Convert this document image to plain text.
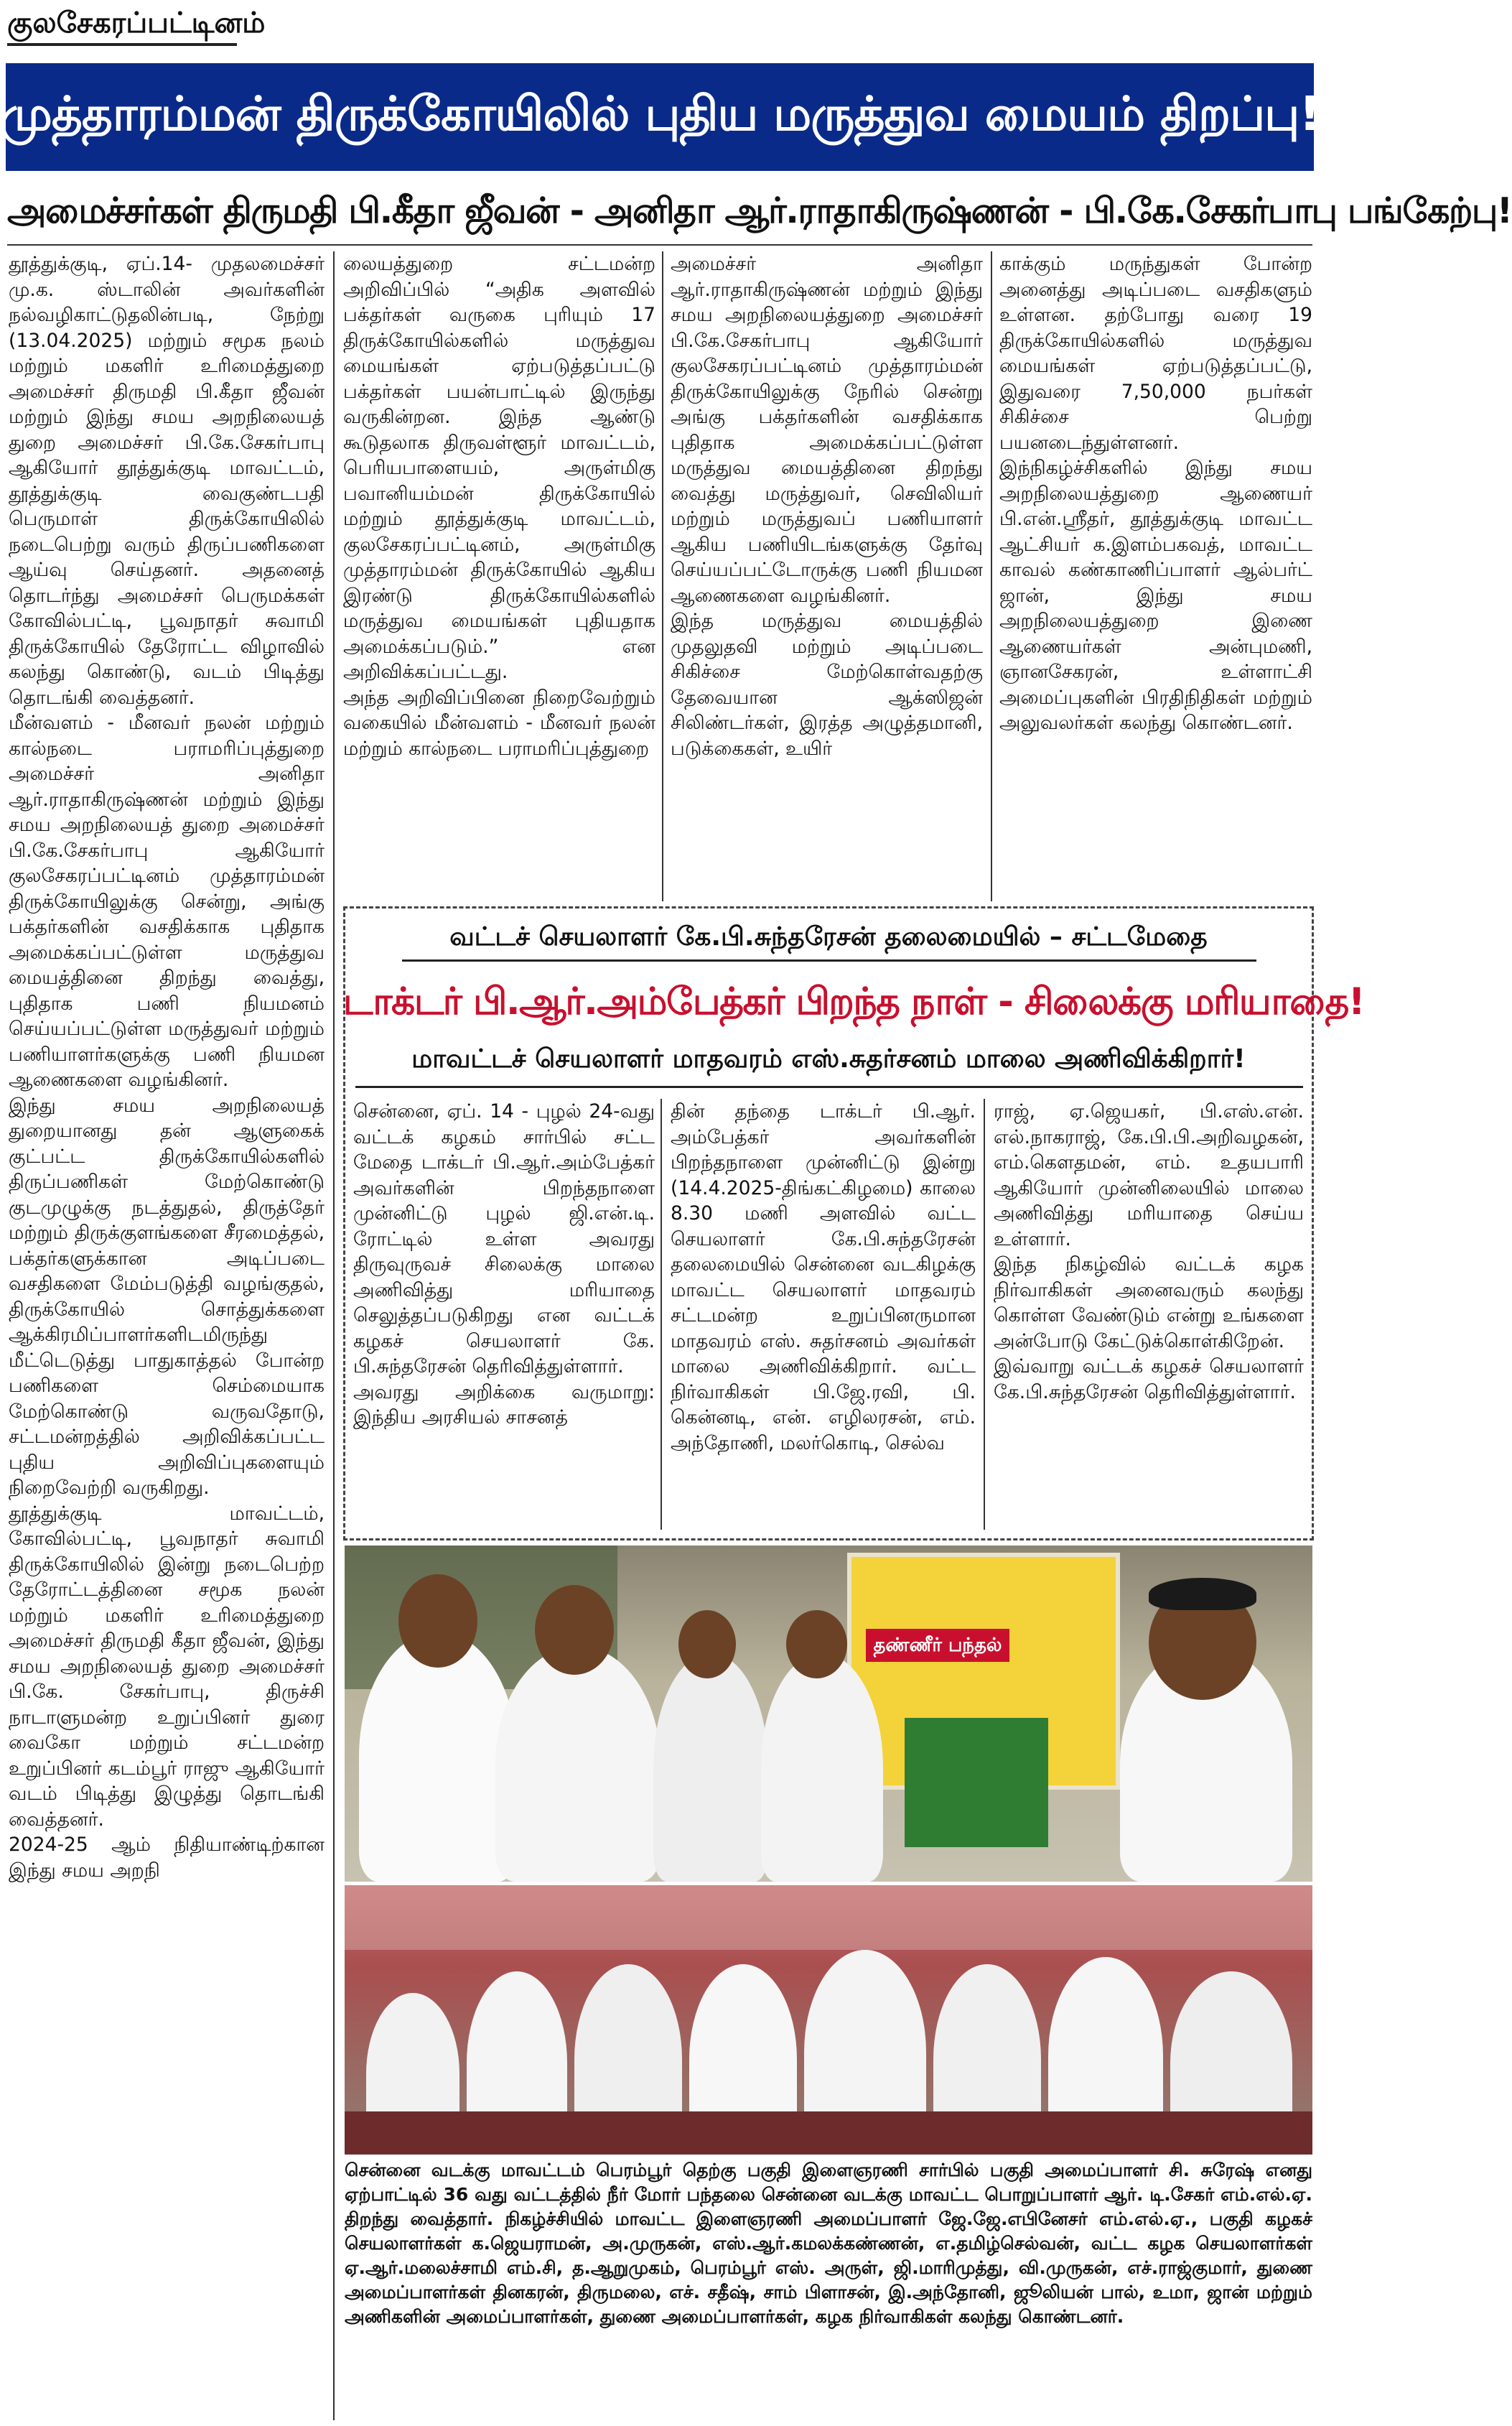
குலசேகரப்பட்டினம்
முத்தாரம்மன் திருக்கோயிலில் புதிய மருத்துவ மையம் திறப்பு!
அமைச்சர்கள் திருமதி பி.கீதா ஜீவன் - அனிதா ஆர்.ராதாகிருஷ்ணன் - பி.கே.சேகர்பாபு பங்கேற்பு!
தூத்துக்குடி, ஏப்.14- முதலமைச்சர் மு.க. ஸ்டாலின் அவர்களின் நல்வழிகாட்டுதலின்படி, நேற்று (13.04.2025) மற்றும் சமூக நலம் மற்றும் மகளிர் உரிமைத்துறை அமைச்சர் திருமதி பி.கீதா ஜீவன் மற்றும் இந்து சமய அறநிலையத் துறை அமைச்சர் பி.கே.சேகர்பாபு ஆகியோர் தூத்துக்குடி மாவட்டம், தூத்துக்குடி வைகுண்டபதி பெருமாள் திருக்கோயிலில் நடைபெற்று வரும் திருப்பணிகளை ஆய்வு செய்தனர். அதனைத் தொடர்ந்து அமைச்சர் பெருமக்கள் கோவில்பட்டி, பூவநாதர் சுவாமி திருக்கோயில் தேரோட்ட விழாவில் கலந்து கொண்டு, வடம் பிடித்து தொடங்கி வைத்தனர்.
மீன்வளம் - மீனவர் நலன் மற்றும் கால்நடை பராமரிப்புத்துறை அமைச்சர் அனிதா ஆர்.ராதாகிருஷ்ணன் மற்றும் இந்து சமய அறநிலையத் துறை அமைச்சர் பி.கே.சேகர்பாபு ஆகியோர் குலசேகரப்பட்டினம் முத்தாரம்மன் திருக்கோயிலுக்கு சென்று, அங்கு பக்தர்களின் வசதிக்காக புதிதாக அமைக்கப்பட்டுள்ள மருத்துவ மையத்தினை திறந்து வைத்து, புதிதாக பணி நியமனம் செய்யப்பட்டுள்ள மருத்துவர் மற்றும் பணியாளர்களுக்கு பணி நியமன ஆணைகளை வழங்கினர்.
இந்து சமய அறநிலையத் துறையானது தன் ஆளுகைக் குட்பட்ட திருக்கோயில்களில் திருப்பணிகள் மேற்கொண்டு குடமுழுக்கு நடத்துதல், திருத்தேர் மற்றும் திருக்குளங்களை சீரமைத்தல், பக்தர்களுக்கான அடிப்படை வசதிகளை மேம்படுத்தி வழங்குதல், திருக்கோயில் சொத்துக்களை ஆக்கிரமிப்பாளர்களிடமிருந்து மீட்டெடுத்து பாதுகாத்தல் போன்ற பணிகளை செம்மையாக மேற்கொண்டு வருவதோடு, சட்டமன்றத்தில் அறிவிக்கப்பட்ட புதிய அறிவிப்புகளையும் நிறைவேற்றி வருகிறது.
தூத்துக்குடி மாவட்டம், கோவில்பட்டி, பூவநாதர் சுவாமி திருக்கோயிலில் இன்று நடைபெற்ற தேரோட்டத்தினை சமூக நலன் மற்றும் மகளிர் உரிமைத்துறை அமைச்சர் திருமதி கீதா ஜீவன், இந்து சமய அறநிலையத் துறை அமைச்சர் பி.கே. சேகர்பாபு, திருச்சி நாடாளுமன்ற உறுப்பினர் துரை வைகோ மற்றும் சட்டமன்ற உறுப்பினர் கடம்பூர் ராஜு ஆகியோர் வடம் பிடித்து இழுத்து தொடங்கி வைத்தனர்.
2024-25 ஆம் நிதியாண்டிற்கான இந்து சமய அறநி
லையத்துறை சட்டமன்ற அறிவிப்பில் “அதிக அளவில் பக்தர்கள் வருகை புரியும் 17 திருக்கோயில்களில் மருத்துவ மையங்கள் ஏற்படுத்தப்பட்டு பக்தர்கள் பயன்பாட்டில் இருந்து வருகின்றன. இந்த ஆண்டு கூடுதலாக திருவள்ளூர் மாவட்டம், பெரியபாளையம், அருள்மிகு பவானியம்மன் திருக்கோயில் மற்றும் தூத்துக்குடி மாவட்டம், குலசேகரப்பட்டினம், அருள்மிகு முத்தாரம்மன் திருக்கோயில் ஆகிய இரண்டு திருக்கோயில்களில் மருத்துவ மையங்கள் புதியதாக அமைக்கப்படும்.” என அறிவிக்கப்பட்டது.
அந்த அறிவிப்பினை நிறைவேற்றும் வகையில் மீன்வளம் - மீனவர் நலன் மற்றும் கால்நடை பராமரிப்புத்துறை
அமைச்சர் அனிதா ஆர்.ராதாகிருஷ்ணன் மற்றும் இந்து சமய அறநிலையத்துறை அமைச்சர் பி.கே.சேகர்பாபு ஆகியோர் குலசேகரப்பட்டினம் முத்தாரம்மன் திருக்கோயிலுக்கு நேரில் சென்று அங்கு பக்தர்களின் வசதிக்காக புதிதாக அமைக்கப்பட்டுள்ள மருத்துவ மையத்தினை திறந்து வைத்து மருத்துவர், செவிலியர் மற்றும் மருத்துவப் பணியாளர் ஆகிய பணியிடங்களுக்கு தேர்வு செய்யப்பட்டோருக்கு பணி நியமன ஆணைகளை வழங்கினர்.
இந்த மருத்துவ மையத்தில் முதலுதவி மற்றும் அடிப்படை சிகிச்சை மேற்கொள்வதற்கு தேவையான ஆக்ஸிஜன் சிலிண்டர்கள், இரத்த அழுத்தமானி, படுக்கைகள், உயிர்
காக்கும் மருந்துகள் போன்ற அனைத்து அடிப்படை வசதிகளும் உள்ளன. தற்போது வரை 19 திருக்கோயில்களில் மருத்துவ மையங்கள் ஏற்படுத்தப்பட்டு, இதுவரை 7,50,000 நபர்கள் சிகிச்சை பெற்று பயனடைந்துள்ளனர்.
இந்நிகழ்ச்சிகளில் இந்து சமய அறநிலையத்துறை ஆணையர் பி.என்.ஸ்ரீதர், தூத்துக்குடி மாவட்ட ஆட்சியர் க.இளம்பகவத், மாவட்ட காவல் கண்காணிப்பாளர் ஆல்பர்ட் ஜான், இந்து சமய அறநிலையத்துறை இணை ஆணையர்கள் அன்புமணி, ஞானசேகரன், உள்ளாட்சி அமைப்புகளின் பிரதிநிதிகள் மற்றும் அலுவலர்கள் கலந்து கொண்டனர்.
வட்டச் செயலாளர் கே.பி.சுந்தரேசன் தலைமையில் – சட்டமேதை
டாக்டர் பி.ஆர்.அம்பேத்கர் பிறந்த நாள் - சிலைக்கு மரியாதை!
மாவட்டச் செயலாளர் மாதவரம் எஸ்.சுதர்சனம் மாலை அணிவிக்கிறார்!
சென்னை, ஏப். 14 - புழல் 24-வது வட்டக் கழகம் சார்பில் சட்ட மேதை டாக்டர் பி.ஆர்.அம்பேத்கர் அவர்களின் பிறந்தநாளை முன்னிட்டு புழல் ஜி.என்.டி. ரோட்டில் உள்ள அவரது திருவுருவச் சிலைக்கு மாலை அணிவித்து மரியாதை செலுத்தப்படுகிறது என வட்டக் கழகச் செயலாளர் கே. பி.சுந்தரேசன் தெரிவித்துள்ளார்.
அவரது அறிக்கை வருமாறு: இந்திய அரசியல் சாசனத்
தின் தந்தை டாக்டர் பி.ஆர். அம்பேத்கர் அவர்களின் பிறந்தநாளை முன்னிட்டு இன்று (14.4.2025-திங்கட்கிழமை) காலை 8.30 மணி அளவில் வட்ட செயலாளர் கே.பி.சுந்தரேசன் தலைமையில் சென்னை வடகிழக்கு மாவட்ட செயலாளர் மாதவரம் சட்டமன்ற உறுப்பினருமான மாதவரம் எஸ். சுதர்சனம் அவர்கள் மாலை அணிவிக்கிறார். வட்ட நிர்வாகிகள் பி.ஜே.ரவி, பி. கென்னடி, என். எழிலரசன், எம். அந்தோணி, மலர்கொடி, செல்வ
ராஜ், ஏ.ஜெயகர், பி.எஸ்.என். எல்.நாகராஜ், கே.பி.பி.அறிவழகன், எம்.கௌதமன், எம். உதயபாரி ஆகியோர் முன்னிலையில் மாலை அணிவித்து மரியாதை செய்ய உள்ளார்.
இந்த நிகழ்வில் வட்டக் கழக நிர்வாகிகள் அனைவரும் கலந்து கொள்ள வேண்டும் என்று உங்களை அன்போடு கேட்டுக்கொள்கிறேன்.
இவ்வாறு வட்டக் கழகச் செயலாளர் கே.பி.சுந்தரேசன் தெரிவித்துள்ளார்.
தண்ணீர் பந்தல்
சென்னை வடக்கு மாவட்டம் பெரம்பூர் தெற்கு பகுதி இளைஞரணி சார்பில் பகுதி அமைப்பாளர் சி. சுரேஷ் எனது ஏற்பாட்டில் 36 வது வட்டத்தில் நீர் மோர் பந்தலை சென்னை வடக்கு மாவட்ட பொறுப்பாளர் ஆர். டி.சேகர் எம்.எல்.ஏ. திறந்து வைத்தார். நிகழ்ச்சியில் மாவட்ட இளைஞரணி அமைப்பாளர் ஜே.ஜே.எபினேசர் எம்.எல்.ஏ., பகுதி கழகச் செயலாளர்கள் க.ஜெயராமன், அ.முருகன், எஸ்.ஆர்.கமலக்கண்ணன், எ.தமிழ்செல்வன், வட்ட கழக செயலாளர்கள் ஏ.ஆர்.மலைச்சாமி எம்.சி, த.ஆறுமுகம், பெரம்பூர் எஸ். அருள், ஜி.மாரிமுத்து, வி.முருகன், எச்.ராஜ்குமார், துணை அமைப்பாளர்கள் தினகரன், திருமலை, எச். சதீஷ், சாம் பிளாசன், இ.அந்தோனி, ஜூலியன் பால், உமா, ஜான் மற்றும் அணிகளின் அமைப்பாளர்கள், துணை அமைப்பாளர்கள், கழக நிர்வாகிகள் கலந்து கொண்டனர்.
